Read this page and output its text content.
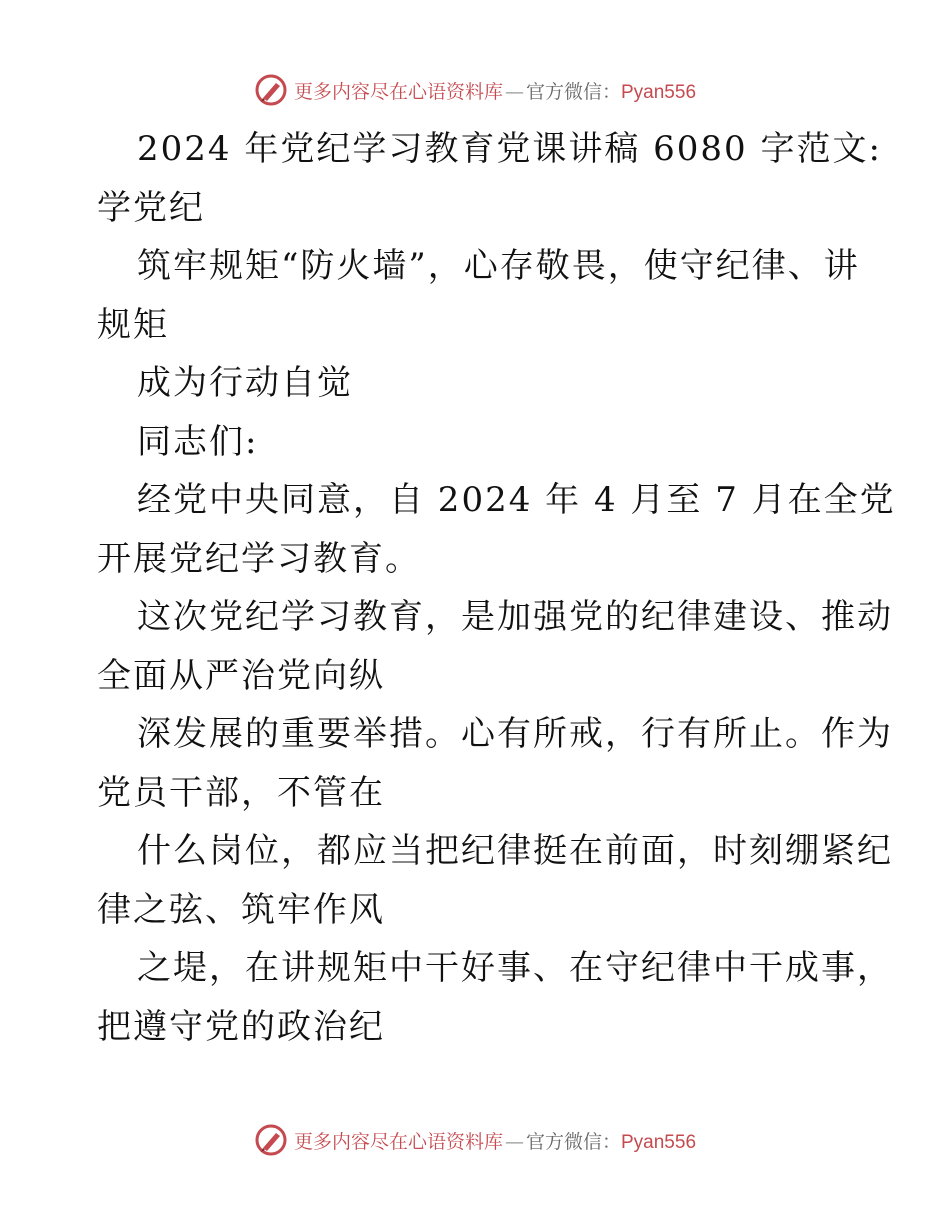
更多内容尽在心语资料库 — 官方微信：Pyan556
2024 年党纪学习教育党课讲稿 6080 字范文:
学党纪
筑牢规矩“防火墙”，心存敬畏，使守纪律、讲
规矩
成为行动自觉
同志们:
经党中央同意，自 2024 年 4 月至 7 月在全党
开展党纪学习教育。
这次党纪学习教育，是加强党的纪律建设、推动
全面从严治党向纵
深发展的重要举措。心有所戒，行有所止。作为
党员干部，不管在
什么岗位，都应当把纪律挺在前面，时刻绷紧纪
律之弦、筑牢作风
之堤，在讲规矩中干好事、在守纪律中干成事，
把遵守党的政治纪
更多内容尽在心语资料库 — 官方微信：Pyan556
